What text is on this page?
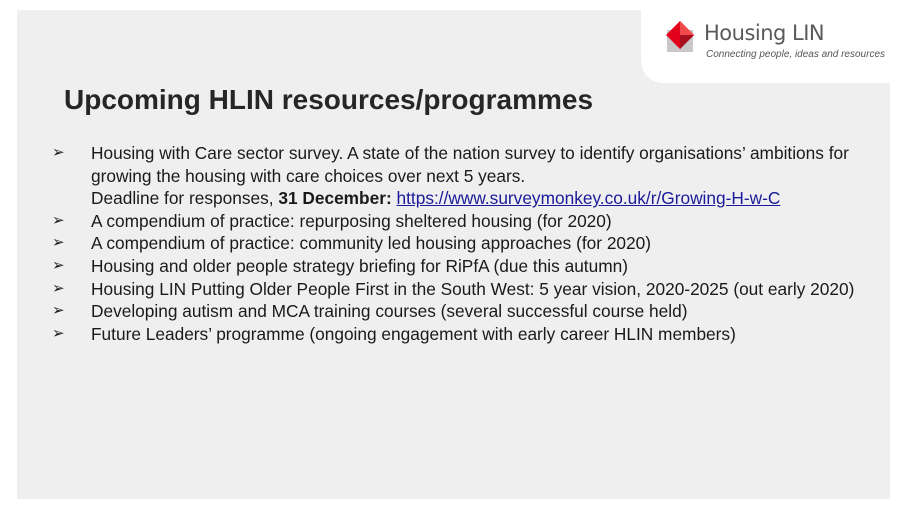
Housing LIN
Connecting people, ideas and resources
Upcoming HLIN resources/programmes
➢ Housing with Care sector survey. A state of the nation survey to identify organisations’ ambitions for growing the housing with care choices over next 5 years.
Deadline for responses, 31 December: https://www.surveymonkey.co.uk/r/Growing-H-w-C
➢ A compendium of practice: repurposing sheltered housing (for 2020)
➢ A compendium of practice: community led housing approaches (for 2020)
➢ Housing and older people strategy briefing for RiPfA (due this autumn)
➢ Housing LIN Putting Older People First in the South West: 5 year vision, 2020-2025 (out early 2020)
➢ Developing autism and MCA training courses (several successful course held)
➢ Future Leaders’ programme (ongoing engagement with early career HLIN members)
